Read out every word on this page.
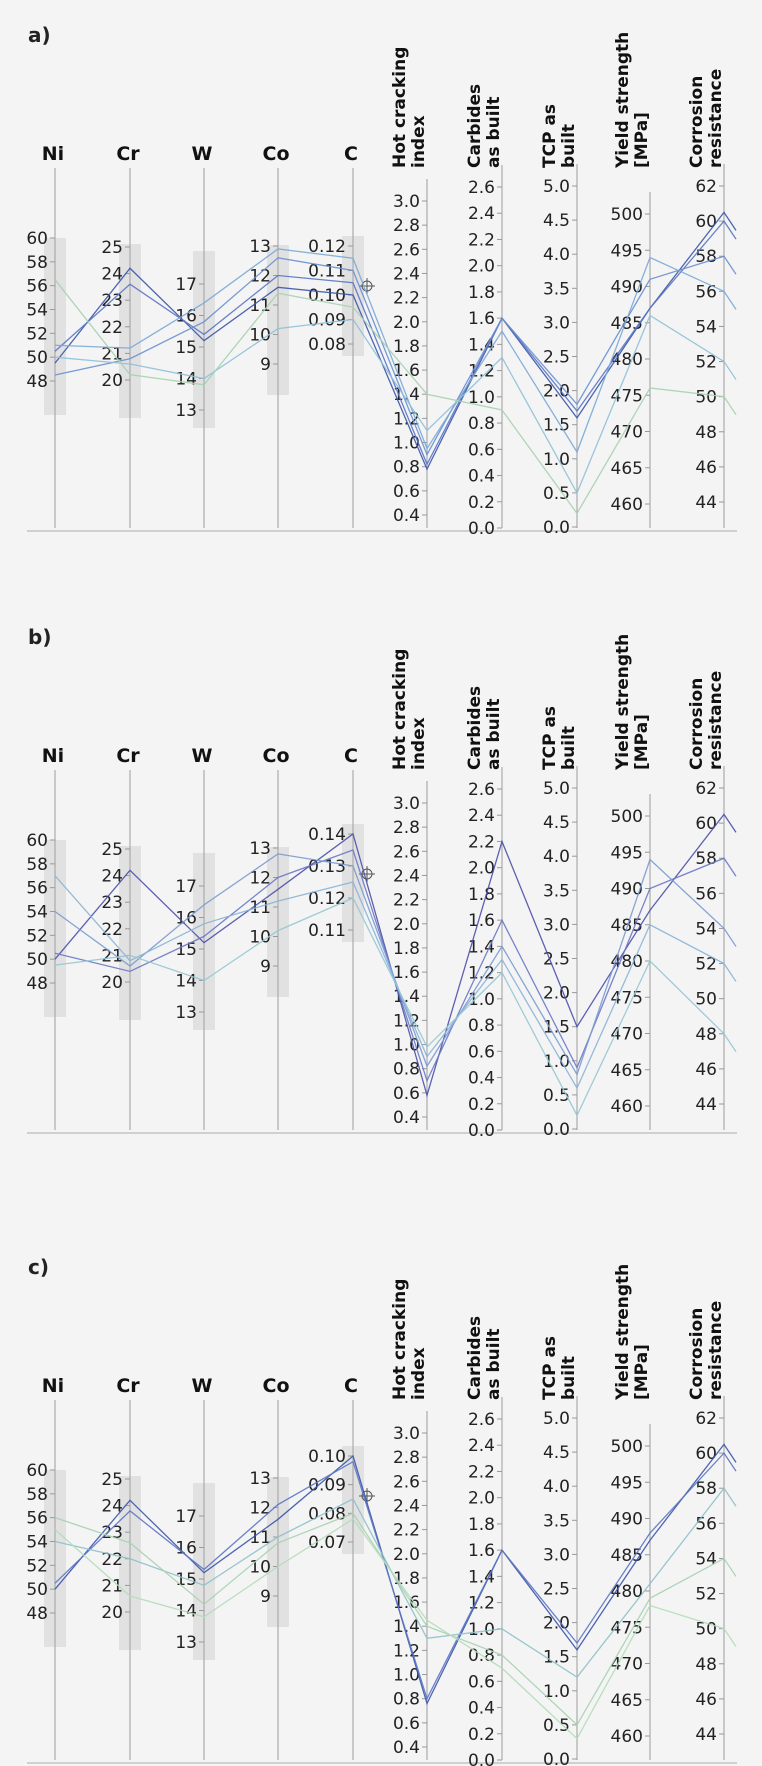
a)
Ni
48
50
52
54
56
58
60
Cr
20
21
22
23
24
25
W
13
14
15
16
17
Co
9
10
11
12
13
C
0.08
0.09
0.10
0.11
0.12
Hot cracking index
0.4
0.6
0.8
1.0
1.2
1.4
1.6
1.8
2.0
2.2
2.4
2.6
2.8
3.0
Carbides as built
0.0
0.2
0.4
0.6
0.8
1.0
1.2
1.4
1.6
1.8
2.0
2.2
2.4
2.6
TCP as built
0.0
0.5
1.0
1.5
2.0
2.5
3.0
3.5
4.0
4.5
5.0
Yield strength [MPa]
460
465
470
475
480
485
490
495
500
Corrosion resistance
44
46
48
50
52
54
56
58
60
62
b)
Ni
48
50
52
54
56
58
60
Cr
20
21
22
23
24
25
W
13
14
15
16
17
Co
9
10
11
12
13
C
0.11
0.12
0.13
0.14
Hot cracking index
0.4
0.6
0.8
1.0
1.2
1.4
1.6
1.8
2.0
2.2
2.4
2.6
2.8
3.0
Carbides as built
0.0
0.2
0.4
0.6
0.8
1.0
1.2
1.4
1.6
1.8
2.0
2.2
2.4
2.6
TCP as built
0.0
0.5
1.0
1.5
2.0
2.5
3.0
3.5
4.0
4.5
5.0
Yield strength [MPa]
460
465
470
475
480
485
490
495
500
Corrosion resistance
44
46
48
50
52
54
56
58
60
62
c)
Ni
48
50
52
54
56
58
60
Cr
20
21
22
23
24
25
W
13
14
15
16
17
Co
9
10
11
12
13
C
0.07
0.08
0.09
0.10
Hot cracking index
0.4
0.6
0.8
1.0
1.2
1.4
1.6
1.8
2.0
2.2
2.4
2.6
2.8
3.0
Carbides as built
0.0
0.2
0.4
0.6
0.8
1.0
1.2
1.4
1.6
1.8
2.0
2.2
2.4
2.6
TCP as built
0.0
0.5
1.0
1.5
2.0
2.5
3.0
3.5
4.0
4.5
5.0
Yield strength [MPa]
460
465
470
475
480
485
490
495
500
Corrosion resistance
44
46
48
50
52
54
56
58
60
62
